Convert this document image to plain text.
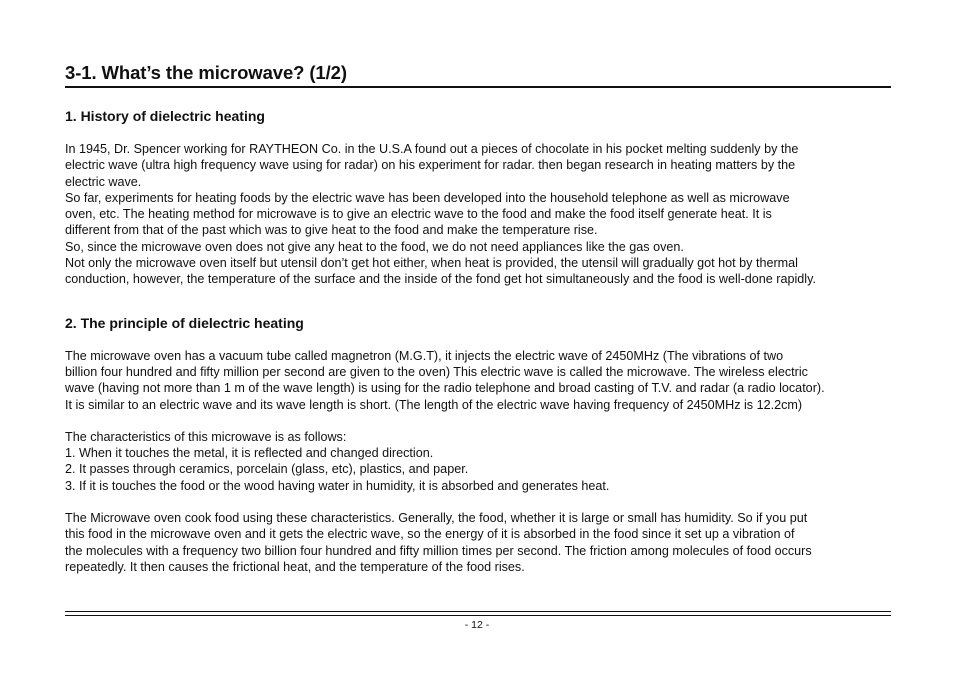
3-1. What’s the microwave? (1/2)
1. History of dielectric heating

In 1945, Dr. Spencer working for RAYTHEON Co. in the U.S.A found out a pieces of chocolate in his pocket melting suddenly by the
electric wave (ultra high frequency wave using for radar) on his experiment for radar. then began research in heating matters by the
electric wave.
So far, experiments for heating foods by the electric wave has been developed into the household telephone as well as microwave
oven, etc. The heating method for microwave is to give an electric wave to the food and make the food itself generate heat. It is
different from that of the past which was to give heat to the food and make the temperature rise.
So, since the microwave oven does not give any heat to the food, we do not need appliances like the gas oven.
Not only the microwave oven itself but utensil don’t get hot either, when heat is provided, the utensil will gradually got hot by thermal
conduction, however, the temperature of the surface and the inside of the fond get hot simultaneously and the food is well-done rapidly.

2. The principle of dielectric heating

The microwave oven has a vacuum tube called magnetron (M.G.T), it injects the electric wave of 2450MHz (The vibrations of two
billion four hundred and fifty million per second are given to the oven) This electric wave is called the microwave. The wireless electric
wave (having not more than 1 m of the wave length) is using for the radio telephone and broad casting of T.V. and radar (a radio locator).
It is similar to an electric wave and its wave length is short. (The length of the electric wave having frequency of 2450MHz is 12.2cm)

The characteristics of this microwave is as follows:
1. When it touches the metal, it is reflected and changed direction.
2. It passes through ceramics, porcelain (glass, etc), plastics, and paper.
3. If it is touches the food or the wood having water in humidity, it is absorbed and generates heat.

The Microwave oven cook food using these characteristics. Generally, the food, whether it is large or small has humidity. So if you put
this food in the microwave oven and it gets the electric wave, so the energy of it is absorbed in the food since it set up a vibration of
the molecules with a frequency two billion four hundred and fifty million times per second. The friction among molecules of food occurs
repeatedly. It then causes the frictional heat, and the temperature of the food rises.

- 12 -
